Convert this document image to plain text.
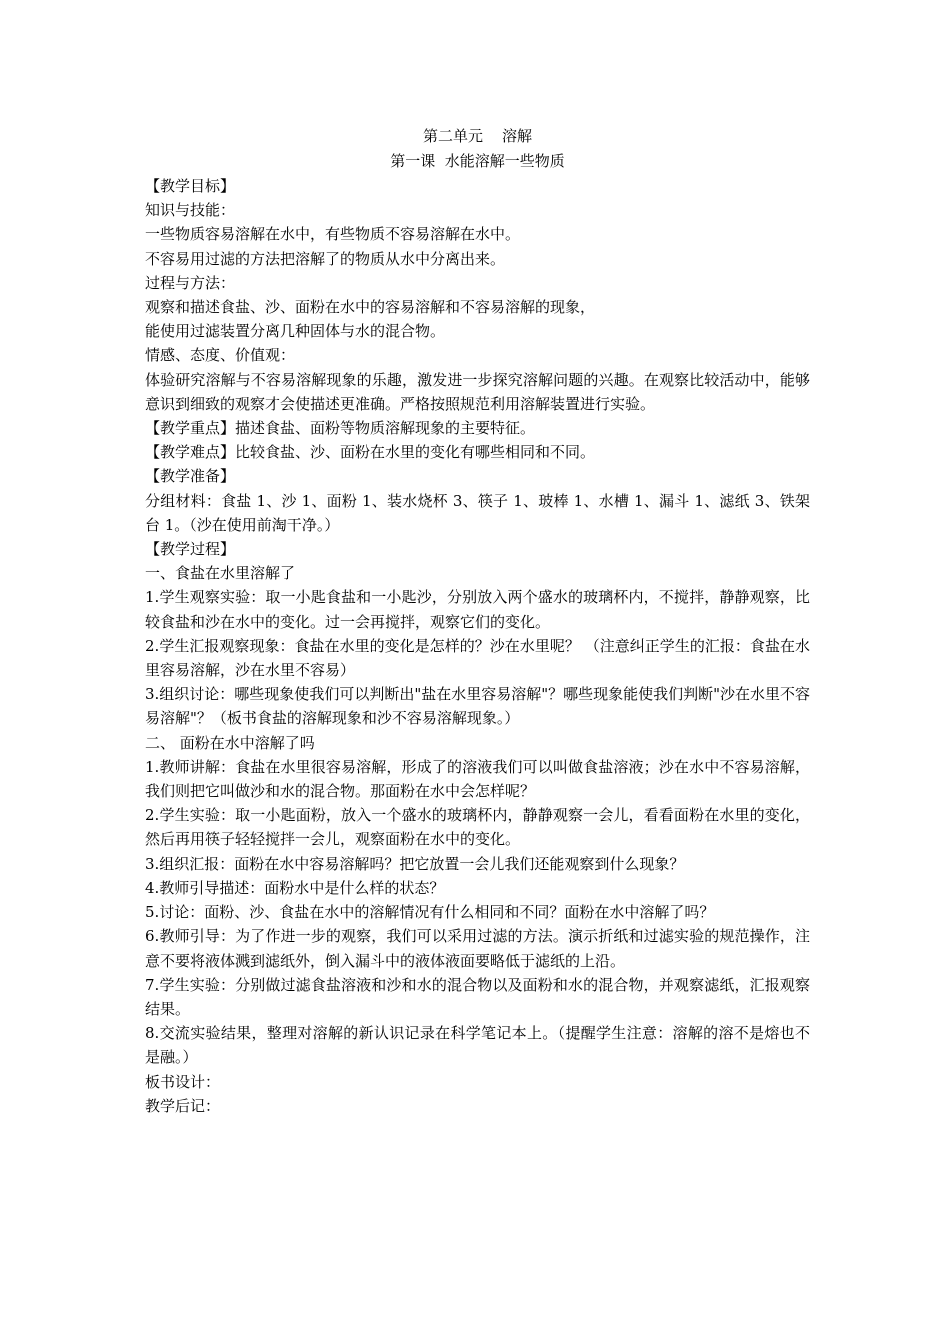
第二单元    溶解
第一课  水能溶解一些物质

【教学目标】

知识与技能：

一些物质容易溶解在水中，有些物质不容易溶解在水中。

不容易用过滤的方法把溶解了的物质从水中分离出来。

过程与方法：

观察和描述食盐、沙、面粉在水中的容易溶解和不容易溶解的现象，

能使用过滤装置分离几种固体与水的混合物。

情感、态度、价值观：

体验研究溶解与不容易溶解现象的乐趣，激发进一步探究溶解问题的兴趣。在观察比较活动中，能够意识到细致的观察才会使描述更准确。严格按照规范利用溶解装置进行实验。

【教学重点】描述食盐、面粉等物质溶解现象的主要特征。

【教学难点】比较食盐、沙、面粉在水里的变化有哪些相同和不同。

【教学准备】

分组材料：食盐 1、沙 1、面粉 1、装水烧杯 3、筷子 1、玻棒 1、水槽 1、漏斗 1、滤纸 3、铁架台 1。（沙在使用前淘干净。）

【教学过程】

一、食盐在水里溶解了

1.学生观察实验：取一小匙食盐和一小匙沙，分别放入两个盛水的玻璃杯内，不搅拌，静静观察，比较食盐和沙在水中的变化。过一会再搅拌，观察它们的变化。

2.学生汇报观察现象：食盐在水里的变化是怎样的？沙在水里呢？ （注意纠正学生的汇报：食盐在水里容易溶解，沙在水里不容易）

3.组织讨论：哪些现象使我们可以判断出"盐在水里容易溶解"？哪些现象能使我们判断"沙在水里不容易溶解"？（板书食盐的溶解现象和沙不容易溶解现象。）

二、 面粉在水中溶解了吗

1.教师讲解：食盐在水里很容易溶解，形成了的溶液我们可以叫做食盐溶液；沙在水中不容易溶解，我们则把它叫做沙和水的混合物。那面粉在水中会怎样呢？

2.学生实验：取一小匙面粉，放入一个盛水的玻璃杯内，静静观察一会儿，看看面粉在水里的变化，然后再用筷子轻轻搅拌一会儿，观察面粉在水中的变化。

3.组织汇报：面粉在水中容易溶解吗？把它放置一会儿我们还能观察到什么现象？

4.教师引导描述：面粉水中是什么样的状态？

5.讨论：面粉、沙、食盐在水中的溶解情况有什么相同和不同？面粉在水中溶解了吗？

6.教师引导：为了作进一步的观察，我们可以采用过滤的方法。演示折纸和过滤实验的规范操作，注意不要将液体溅到滤纸外，倒入漏斗中的液体液面要略低于滤纸的上沿。

7.学生实验：分别做过滤食盐溶液和沙和水的混合物以及面粉和水的混合物，并观察滤纸，汇报观察结果。

8.交流实验结果，整理对溶解的新认识记录在科学笔记本上。（提醒学生注意：溶解的溶不是熔也不是融。）

板书设计：

教学后记：
